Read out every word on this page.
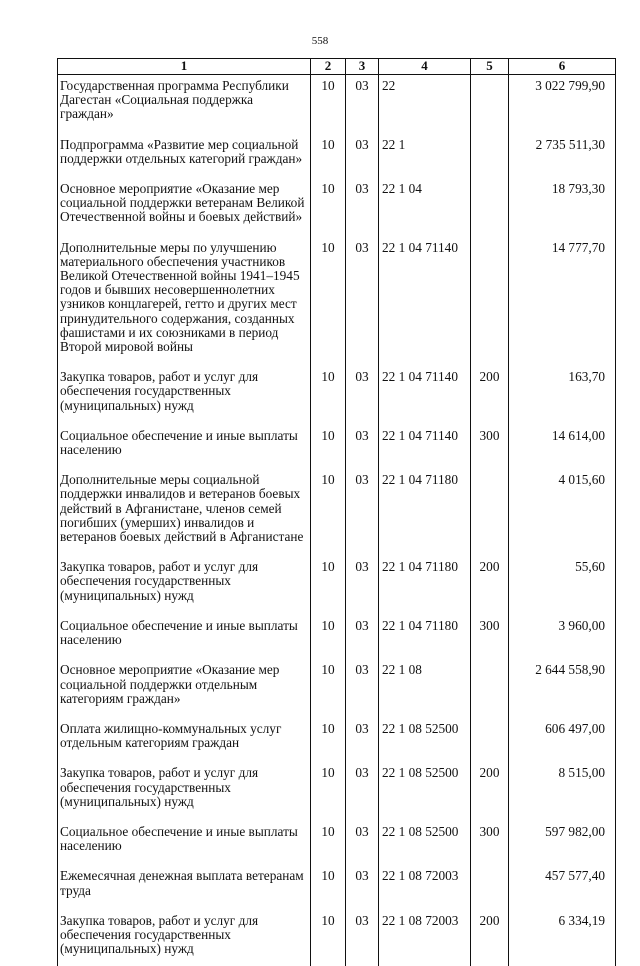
558
1	2	3	4	5	6
Государственная программа Республики Дагестан «Социальная поддержка граждан»	10	03	22		3 022 799,90
Подпрограмма «Развитие мер социальной поддержки отдельных категорий граждан»	10	03	22 1		2 735 511,30
Основное мероприятие «Оказание мер социальной поддержки ветеранам Великой Отечественной войны и боевых действий»	10	03	22 1 04		18 793,30
Дополнительные меры по улучшению материального обеспечения участников Великой Отечественной войны 1941–1945 годов и бывших несовершеннолетних узников концлагерей, гетто и других мест принудительного содержания, созданных фашистами и их союзниками в период Второй мировой войны	10	03	22 1 04 71140		14 777,70
Закупка товаров, работ и услуг для обеспечения государственных (муниципальных) нужд	10	03	22 1 04 71140	200	163,70
Социальное обеспечение и иные выплаты населению	10	03	22 1 04 71140	300	14 614,00
Дополнительные меры социальной поддержки инвалидов и ветеранов боевых действий в Афганистане, членов семей погибших (умерших) инвалидов и ветеранов боевых действий в Афганистане	10	03	22 1 04 71180		4 015,60
Закупка товаров, работ и услуг для обеспечения государственных (муниципальных) нужд	10	03	22 1 04 71180	200	55,60
Социальное обеспечение и иные выплаты населению	10	03	22 1 04 71180	300	3 960,00
Основное мероприятие «Оказание мер социальной поддержки отдельным категориям граждан»	10	03	22 1 08		2 644 558,90
Оплата жилищно-коммунальных услуг отдельным категориям граждан	10	03	22 1 08 52500		606 497,00
Закупка товаров, работ и услуг для обеспечения государственных (муниципальных) нужд	10	03	22 1 08 52500	200	8 515,00
Социальное обеспечение и иные выплаты населению	10	03	22 1 08 52500	300	597 982,00
Ежемесячная денежная выплата ветеранам труда	10	03	22 1 08 72003		457 577,40
Закупка товаров, работ и услуг для обеспечения государственных (муниципальных) нужд	10	03	22 1 08 72003	200	6 334,19
